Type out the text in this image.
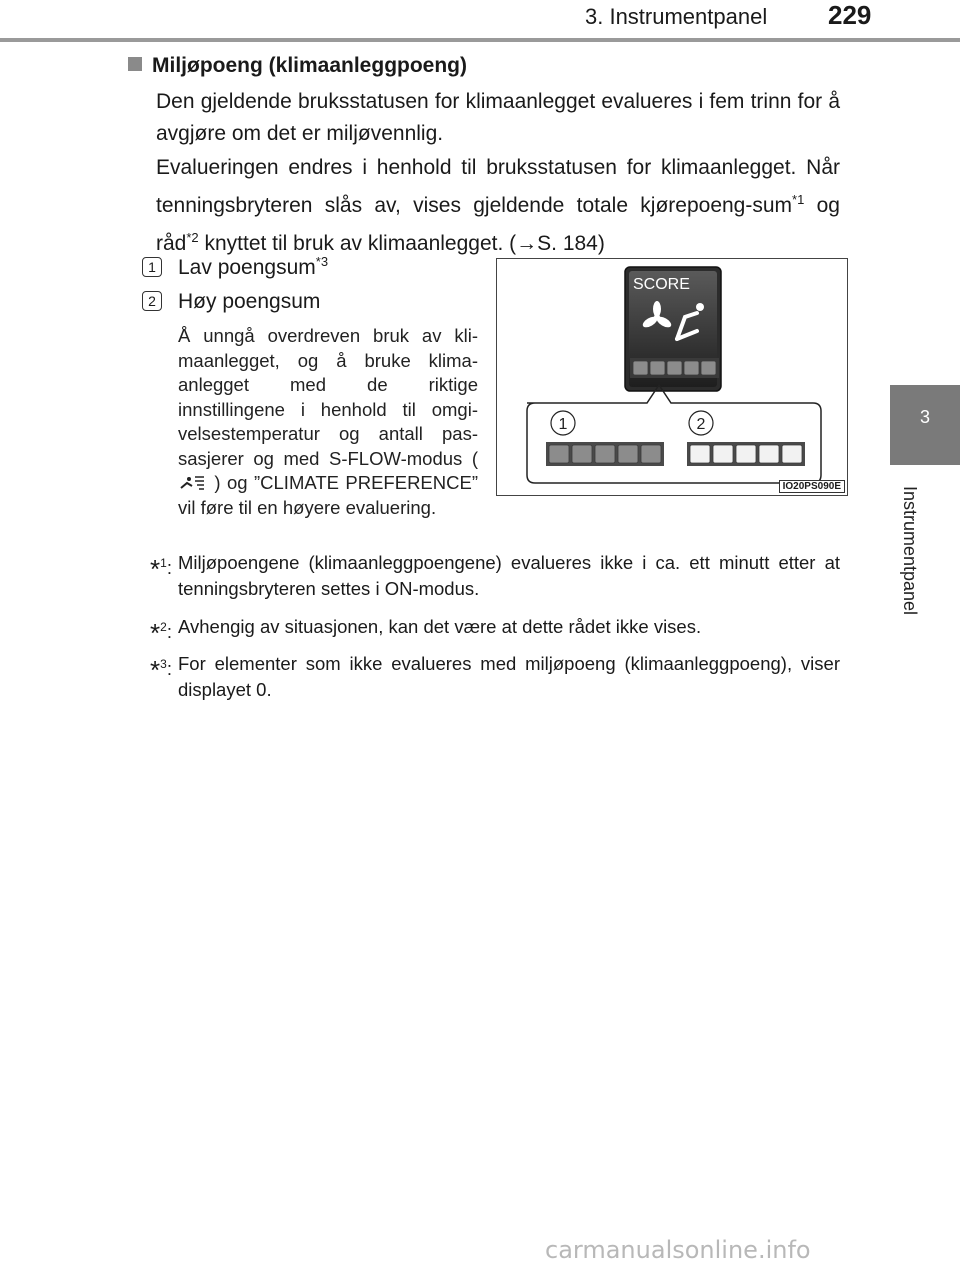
3. Instrumentpanel 229
3
Instrumentpanel
Miljøpoeng (klimaanleggpoeng)
Den gjeldende bruksstatusen for klimaanlegget evalueres i fem trinn for å avgjøre om det er miljøvennlig.
Evalueringen endres i henhold til bruksstatusen for klimaanlegget. Når tenningsbryteren slås av, vises gjeldende totale kjørepoeng-sum$^{*1}$ og råd$^{*2}$ knyttet til bruk av klimaanlegget. (→S. 184)
1 Lav poengsum$^{*3}$
2 Høy poengsum
Å unngå overdreven bruk av kli-maanlegget, og å bruke klima-anlegget med de riktige innstillingene i henhold til omgi-velsestemperatur og antall pas-sasjerer og med S-FLOW-modus (  ) og ”CLIMATE PREFERENCE” vil føre til en høyere evaluering.
SCORE
1	2
IO20PS090E
*$^1$: Miljøpoengene (klimaanleggpoengene) evalueres ikke i ca. ett minutt etter at tenningsbryteren settes i ON-modus.
*$^2$: Avhengig av situasjonen, kan det være at dette rådet ikke vises.
*$^3$: For elementer som ikke evalueres med miljøpoeng (klimaanleggpoeng), viser displayet 0.
carmanualsonline.info
